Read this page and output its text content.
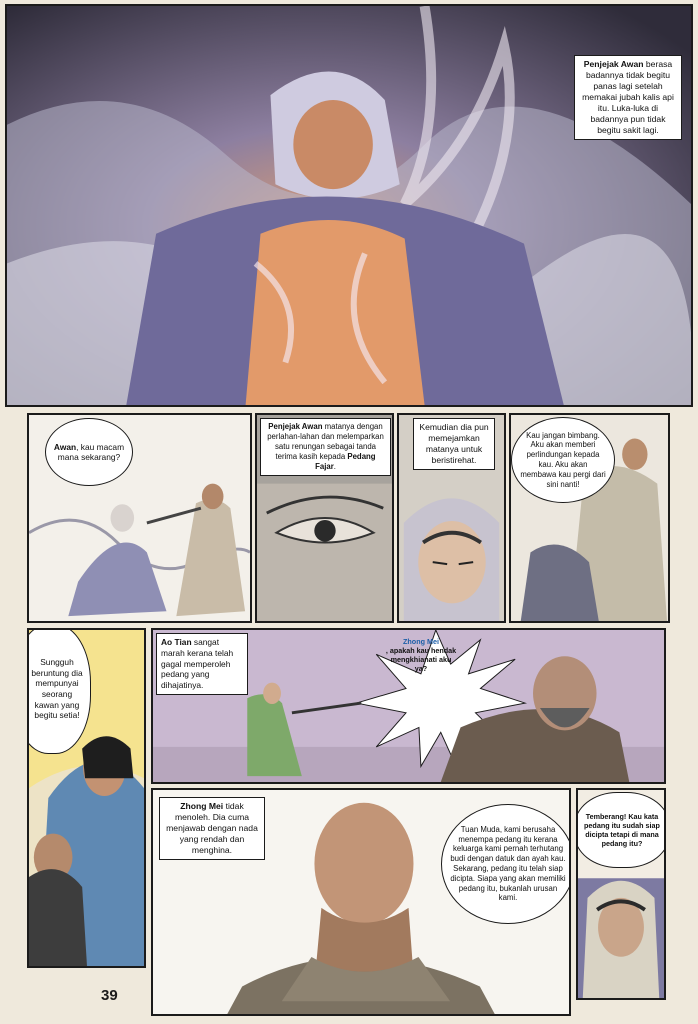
Penjejak Awan berasa badannya tidak begitu panas lagi setelah memakai jubah kalis api itu. Luka-luka di badannya pun tidak begitu sakit lagi.
Awan, kau macam mana sekarang?
Penjejak Awan matanya dengan perlahan-lahan dan melemparkan satu renungan sebagai tanda terima kasih kepada Pedang Fajar.
Kemudian dia pun memejamkan matanya untuk beristirehat.
Kau jangan bimbang. Aku akan memberi perlindungan kepada kau. Aku akan membawa kau pergi dari sini nanti!
Sungguh beruntung dia mempunyai seorang kawan yang begitu setia!
Ao Tian sangat marah kerana telah gagal memperoleh pedang yang dihajatinya.
Zhong Mei
, apakah kau hendak mengkhianati aku ya?
Zhong Mei tidak menoleh. Dia cuma menjawab dengan nada yang rendah dan menghina.
Tuan Muda, kami berusaha menempa pedang itu kerana keluarga kami pernah terhutang budi dengan datuk dan ayah kau. Sekarang, pedang itu telah siap dicipta. Siapa yang akan memiliki pedang itu, bukanlah urusan kami.
Temberang! Kau kata pedang itu sudah siap dicipta tetapi di mana pedang itu?
39
